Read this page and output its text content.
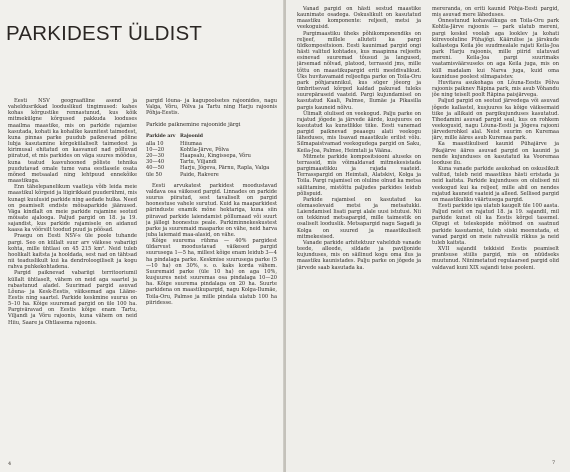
PARKIDEST ÜLDIST

Eesti NSV geograafiline asend ja vaheldusrikkad looduslikud tingimused: kahes kohas kõrgustike rennastunud, kus kõik mitmekülgne kõrgused pakkuda looduses maailma maastike, mis on parkide rajamise kasutada, kohati ka kohalike kaunitest taimedest, kuna pinnas parke puudub paiknevad põline lubja kasutamine kõrgekülaliselt taimedest ja kirimusal ehitatud on kasvanud nad põlluvad piiratud, et mis parkides on väga suures mõõdus, kuna teatud kasvuhooned põliste tehnika puudutavad omale tume vana eestlasele osata mõned metsaalad ning lehtpuud ennekõike maastikuga.

Enn tähelepanelikum vaatleja võib leida meie maastikul kõrgeid ja liigirikkaid puuderühmi, mis kunagi kuulusid parkide ning aedade hulka. Need on peamiselt endiste mõisaparkide jäänused. Väga kindlalt on meie parkide rajamine seotud mõisate ajalooga. Paljud pargid on 18. ja 19. sajandist, kus parkide rajamisele on aidanud kaasa ka võõrsilt toodud puud ja põõsad.

Praegu on Eesti NSV-s üle poole tuhande pargi. Seo on küllalt suur arv väikese vabariigi kohta, mille ühtlasi on 45 215 km². Neid tuleb hoolikalt kaitsta ja hooldada, sest nad on tähtsad nii teaduslikult kui ka dendroloogiliselt ja kogu rahva puhkekohtadena.

Pargid paiknevad vabariigi territooriumil küllalt ühtlaselt, vähem on neid aga saartel ja rabastunud aladel. Suurimad pargid asuvad Lõuna- ja Kesk-Eestis, väiksemad aga Lääne-Eestis ning saartel. Parkide keskmine suurus on 5–10 ha. Kõige suuremad pargid on üle 100 ha. Pargiväravad on Eestis kõige enam Tartu, Viljandi ja Võru rajoonis, kuna vähem on neid Hiiu, Saare ja Ohtlasema rajoonis.

pargid lõuna- ja kagupoolsetes rajoonides, nagu Valga, Võru, Põlva ja Tartu ning Harju rajoonis Põhja-Eestis.

Parkide paiknemine rajoonide järgi

Parkide arv	Rajoonid
alla 10	Hiiumaa
10—20	Kohtla-Järve, Põlva
20—30	Haapsalu, Kingissepa, Võru
30—40	Tartu, Viljandi
40—50	Harju, Jõgeva, Pärnu, Rapla, Valga
üle 50	Paide, Rakvere

Eesti arvukatest parkidest moodustavad valdava osa väikesed pargid. Linnades on parkide suurus piiratud, sest tavaliselt on pargid hoonestuse vahele surutud. Kuid ka maaparkidest pärinduste enamik mõne hektariga, kuna siin piiravad parkide laiendamist põllumaad või suurt ja jällegi hoonestus peale. Parkiminnekeskustest parke ja suuremaid maaparke on vähe, neid harva juba laiemaid maa-alasid, on vähe.

Kõige suurema rühma — 40% pargidest üldarvust moodustavad väikesed pargid suurusega 1—5 ha, millest kõige enam leidub 3—4 ha pindalaga parke. Keskmise suurusega parke (5—10 ha) on 30%, s. o. kaks korda vähem. Suuremaid parke (üle 10 ha) on aga 10%, kusjuures neist suuremas osa pindalaga 10—20 ha. Kõige suurema pindalaga on 20 ha. Suurte parkidena on maastikupargid, nagu Kolga-Ilumäe, Toila-Oru, Palmse ja mille pindala ulatub 100 ha piiridesse.

4

Vanad pargid on hästi sestud maastike kaunimate osadega. Oskuslikult on kasutatud maastiku komponente: reljeefi, metsi ja veekoguisid.

Pargimaastiku üheks põhikomponendiks on reljeef, millele alluteti ka pargi üldkompositsioon. Eesti kaunimad pargid ongi hästi valitud kohtades, kus maapinna reljeefis esinevad suuremad tõusud ja langused, järsemad nõlvad, platood, terrassid jms, mille tõttu on maastikupargid eriti meeldivalikud. Üks huvitavamaid reljeefiga parke on Toila-Oru park põhjarannikul, kus süger jõeorg ja ümbritsevad kõrged kaldad pakuvad tuleks suurepäraseid vaateid. Pargi kujundamisel on kasutatud Kaali, Palmse, Ilumäe ja Pikasilla pargis kauneid nõlvu.

Ülimalt olulised on veekogud. Palju parke on rajatud jõgede ja järvede äärde, kusjuures on kasutatud ka kunstlikke tiike. Eesti vanemad pargid paiknevad peaaegu alati veekogu läheduses, mis lisavad maastikule erilist võlu. Silmapaistvamad veekogudega pargid on Saku, Keila-Joa, Palmse, Heimtali ja Vääna.

Mitmete parkide kompositsiooni aluseks on terrassid, mis võimaldavad mitmekesistada pargimaastikku ja rajada vaateid. Terrasspargid on Heimtali, Alatskivi, Kolga ja Toila. Pargi rajamisel on oluline olnud ka metsa säilitamine, mistõttu paljudes parkides leidub põlispuid.

Parkide rajamisel on kasutatud ka olemasolevaid metsi ja metsatukki. Laiendamisel lisati pargi alale uusi istutusi. Nii on tekkinud metsapargid, mille taimestik on osaliselt looduslik. Metsapargid nagu Sagadi ja Kolga on suured ja maastikuliselt mitmekesised.

Vanade parkide arhitektuur vaheldub vanade teede, alleede, sildade ja paviljonide kujunduses, mis on säilinud kogu oma ilus ja maastiku kaunistades. Palju parke on jõgede ja järvede saab kasutada ka.

mereranda, on eriti kaunid Põhja-Eesti pargid, mis asuvad mere läheduses.

Õnnestunud kohavalikuga on Toila-Oru park Kohtla-Järve rajoonis — park ulatub mereni, pargi keskel voolab aga looklev ja kohati kiirevooluline Pühajõgi. Käärulise ja järskude kallastega Keila jõe suudmealale rajati Keila-Joa park Harju rajoonis, mille piirid ulatuvad mereni. Keila-Joa pargi suurimaks vaatamisväärsuseks on aga Keila juga, mis on küll madalam kui Narva juga, kuid oma kauniduse poolest silmapaistev.

Huvitava asukohaga on Lõuna-Eestis Põlva rajoonis paiknev Räpina park, mis asub Võhandu jõe ning teiselt poolt Räpina paisjärvega.

Paljud pargid on seotud järvedega või asuvad jõgede kallastel, kusjuures ka kõige väiksemaid tiike ja allikaid on pargikujunduses kasutatud. Tihedamini asuvad pargid seal, kus on rohkem veekogusid, nagu Lõuna-Eesti ja Jõgeva rajooni järvederohkel alal. Neist suurim on Kuremaa järv, mille ääres asub Kuremaa park.

Ka maastikulised kaunid Pühajärve ja Pikajärve ääres asuvad pargid on kaunid ja nende kujunduses on kasutatud ka Vooremaa looduse ilu.

Kuna vanade parkide asukohad on oskuslikult valitud, tuleb neid maastikus hästi eristada ja neid kaitsta. Parkide kujunduses on olulised nii veekogud kui ka reljeef, mille abil on nendes rajatud kauneid vaateid ja alleed. Sellised pargid on maastikuliku väärtusega pargid.

Eesti parkide iga ulatub kaugelt üle 100 aasta. Paljud neist on rajatud 18. ja 19. sajandil, mil parkide kunst oli ka Eestis kõrgel tasemel. Olgugi et teleskopide mõõtmed on saatnud parkide kasutamist, tuleb siiski meenutada, et vanad pargid on meie rahvuslik rikkus ja neid tuleb kaitsta.

XVII sajandil tekkisid Eestis peamiselt prantsuse stiilis pargid, mis on nüüdseks muutunud. Niinimetatud regulaarsed pargid olid valdavad kuni XIX sajandi teise pooleni.

7
